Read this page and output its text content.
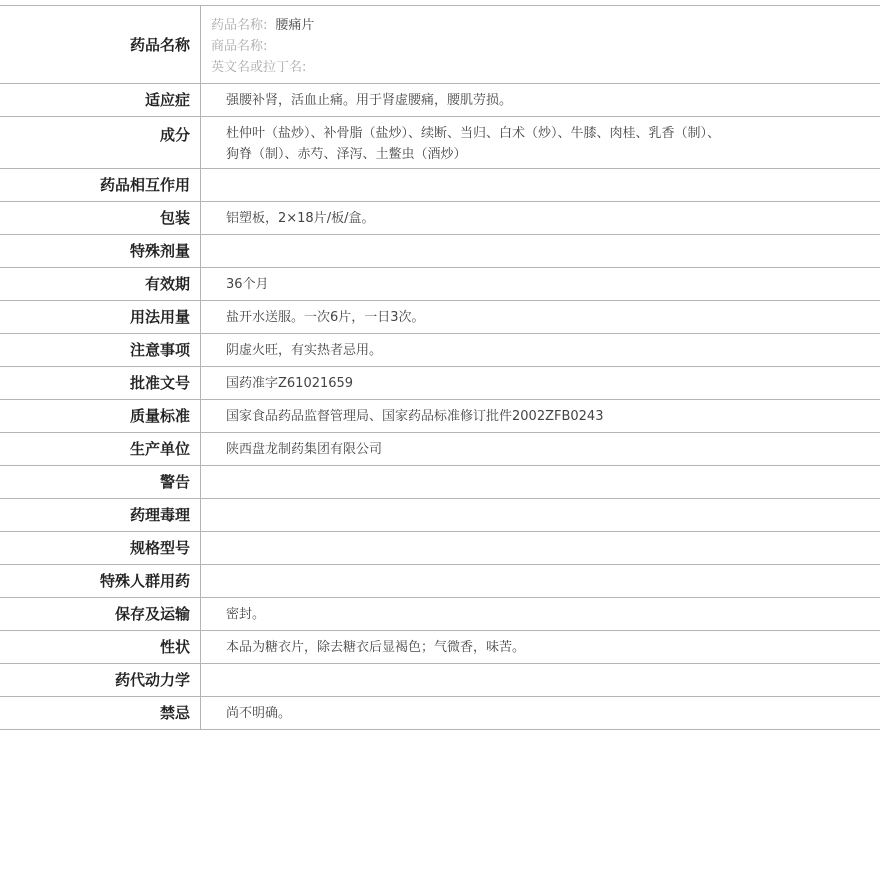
药品名称	药品名称: 腰痛片
商品名称:
英文名或拉丁名:

适应症	强腰补肾，活血止痛。用于肾虚腰痛，腰肌劳损。

成分	杜仲叶（盐炒）、补骨脂（盐炒）、续断、当归、白术（炒）、牛膝、肉桂、乳香（制）、
狗脊（制）、赤芍、泽泻、土鳖虫（酒炒）

药品相互作用	

包装	铝塑板，2×18片/板/盒。

特殊剂量	

有效期	36个月

用法用量	盐开水送服。一次6片，一日3次。

注意事项	阴虚火旺，有实热者忌用。

批准文号	国药准字Z61021659

质量标准	国家食品药品监督管理局、国家药品标准修订批件2002ZFB0243

生产单位	陕西盘龙制药集团有限公司

警告	

药理毒理	

规格型号	

特殊人群用药	

保存及运输	密封。

性状	本品为糖衣片，除去糖衣后显褐色；气微香，味苦。

药代动力学	

禁忌	尚不明确。
